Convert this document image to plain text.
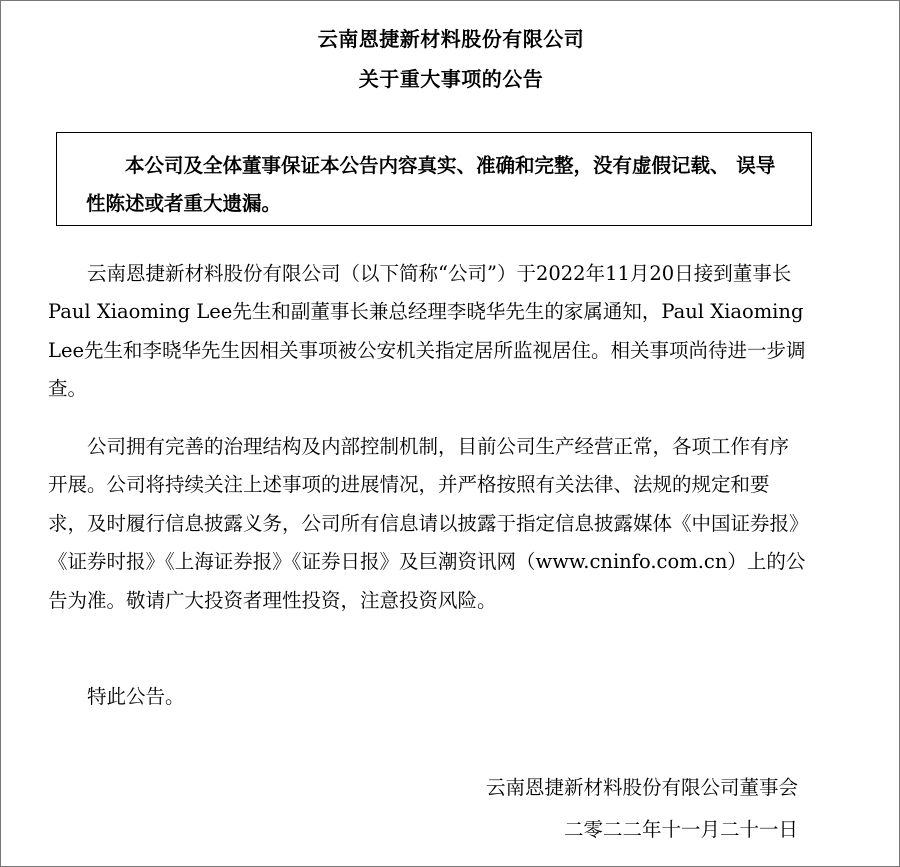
云南恩捷新材料股份有限公司
关于重大事项的公告
本公司及全体董事保证本公告内容真实、准确和完整，没有虚假记载、 误导性陈述或者重大遗漏。

云南恩捷新材料股份有限公司（以下简称“公司”）于2022年11月20日接到董事长Paul Xiaoming Lee先生和副董事长兼总经理李晓华先生的家属通知，Paul Xiaoming Lee先生和李晓华先生因相关事项被公安机关指定居所监视居住。相关事项尚待进一步调查。

公司拥有完善的治理结构及内部控制机制，目前公司生产经营正常，各项工作有序开展。公司将持续关注上述事项的进展情况，并严格按照有关法律、法规的规定和要求，及时履行信息披露义务，公司所有信息请以披露于指定信息披露媒体《中国证券报》《证券时报》《上海证券报》《证券日报》及巨潮资讯网（www.cninfo.com.cn）上的公告为准。敬请广大投资者理性投资，注意投资风险。

特此公告。

云南恩捷新材料股份有限公司董事会
二零二二年十一月二十一日
